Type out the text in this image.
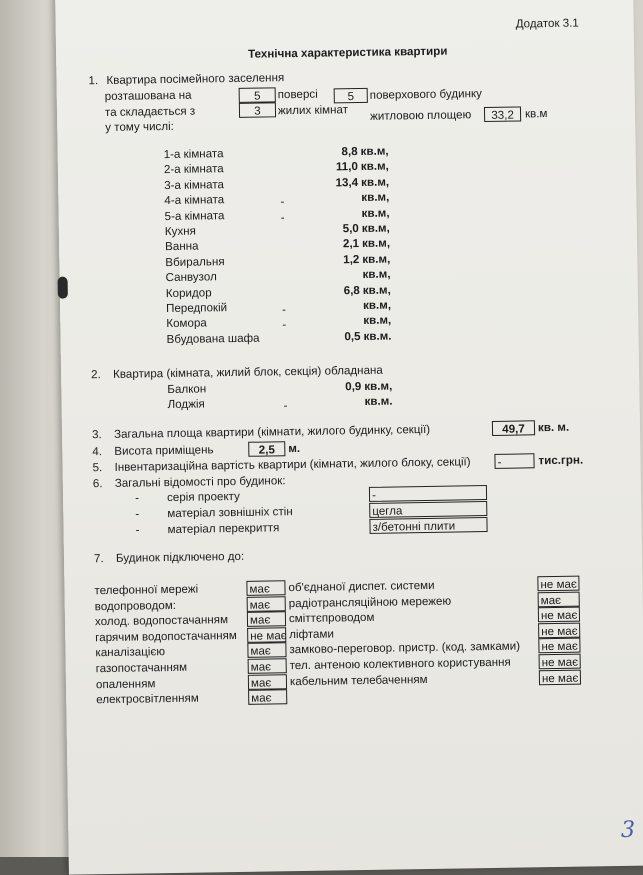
Додаток 3.1
Технічна характеристика квартири
1. Квартира посімейного заселення
розташована на	5	поверсі	5	поверхового будинку
та складається з	3	жилих кімнат житловою площею	33,2 кв.м
у тому числі:
1-а кімната	8,8 кв.м,
2-а кімната	11,0 кв.м,
3-а кімната	13,4 кв.м,
4-а кімната	-	кв.м,
5-а кімната	-	кв.м,
Кухня	5,0 кв.м,
Ванна	2,1 кв.м,
Вбиральня	1,2 кв.м,
Санвузол	кв.м,
Коридор	6,8 кв.м,
Передпокій	-	кв.м,
Комора	-	кв.м,
Вбудована шафа	0,5 кв.м.
2. Квартира (кімната, жилий блок, секція) обладнана
Балкон	0,9 кв.м,
Лоджія	-	кв.м.
3. Загальна площа квартири (кімнати, жилого будинку, секції)	49,7	кв. м.
4. Висота приміщень	2,5	м.
5. Інвентаризаційна вартість квартири (кімнати, жилого блоку, секції) -	тис.грн.
6. Загальні відомості про будинок:
- серія проекту	-
- матеріал зовнішніх стін	цегла
- матеріал перекриття	з/бетонні плити
7. Будинок підключено до:
телефонної мережі	має
водопроводом:	має
холод. водопостачанням має
гарячим водопостачанням не має
каналізацією	має
газопостачанням	має
опаленням	має
електросвітленням	має
об'єднаної диспет. системи	не має
радіотрансляційною мережею	має
сміттєпроводом	не має
ліфтами	не має
замково-переговор. пристр. (код. замками) не має
тел. антеною колективного користування	не має
кабельним телебаченням	не має
3
